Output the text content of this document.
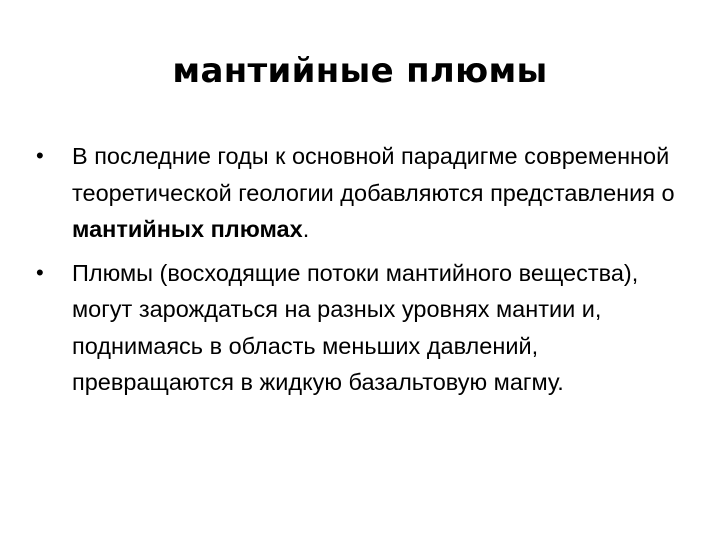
мантийные плюмы
•	В последние годы к основной парадигме современной теоретической геологии добавляются представления о мантийных плюмах.
•	Плюмы (восходящие потоки мантийного вещества), могут зарождаться на разных уровнях мантии и, поднимаясь в область меньших давлений, превращаются в жидкую базальтовую магму.
